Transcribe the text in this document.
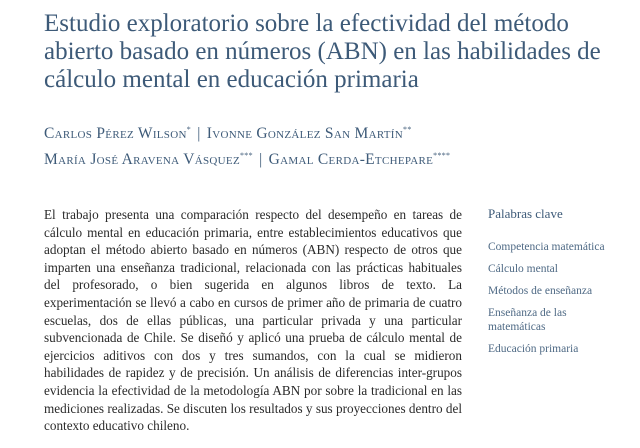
Estudio exploratorio sobre la efectividad del método abierto basado en números (ABN) en las habilidades de cálculo mental en educación primaria
Carlos Pérez Wilson* | Ivonne González San Martín**
María José Aravena Vásquez*** | Gamal Cerda-Etchepare****

El trabajo presenta una comparación respecto del desempeño en tareas de cálculo mental en educación primaria, entre establecimientos educativos que adoptan el método abierto basado en números (ABN) respecto de otros que imparten una enseñanza tradicional, relacionada con las prácticas habituales del profesorado, o bien sugerida en algunos libros de texto. La experimentación se llevó a cabo en cursos de primer año de primaria de cuatro escuelas, dos de ellas públicas, una particular privada y una particular subvencionada de Chile. Se diseñó y aplicó una prueba de cálculo mental de ejercicios aditivos con dos y tres sumandos, con la cual se midieron habilidades de rapidez y de precisión. Un análisis de diferencias inter-grupos evidencia la efectividad de la metodología ABN por sobre la tradicional en las mediciones realizadas. Se discuten los resultados y sus proyecciones dentro del contexto educativo chileno.

Palabras clave
Competencia matemática
Cálculo mental
Métodos de enseñanza
Enseñanza de las matemáticas
Educación primaria
